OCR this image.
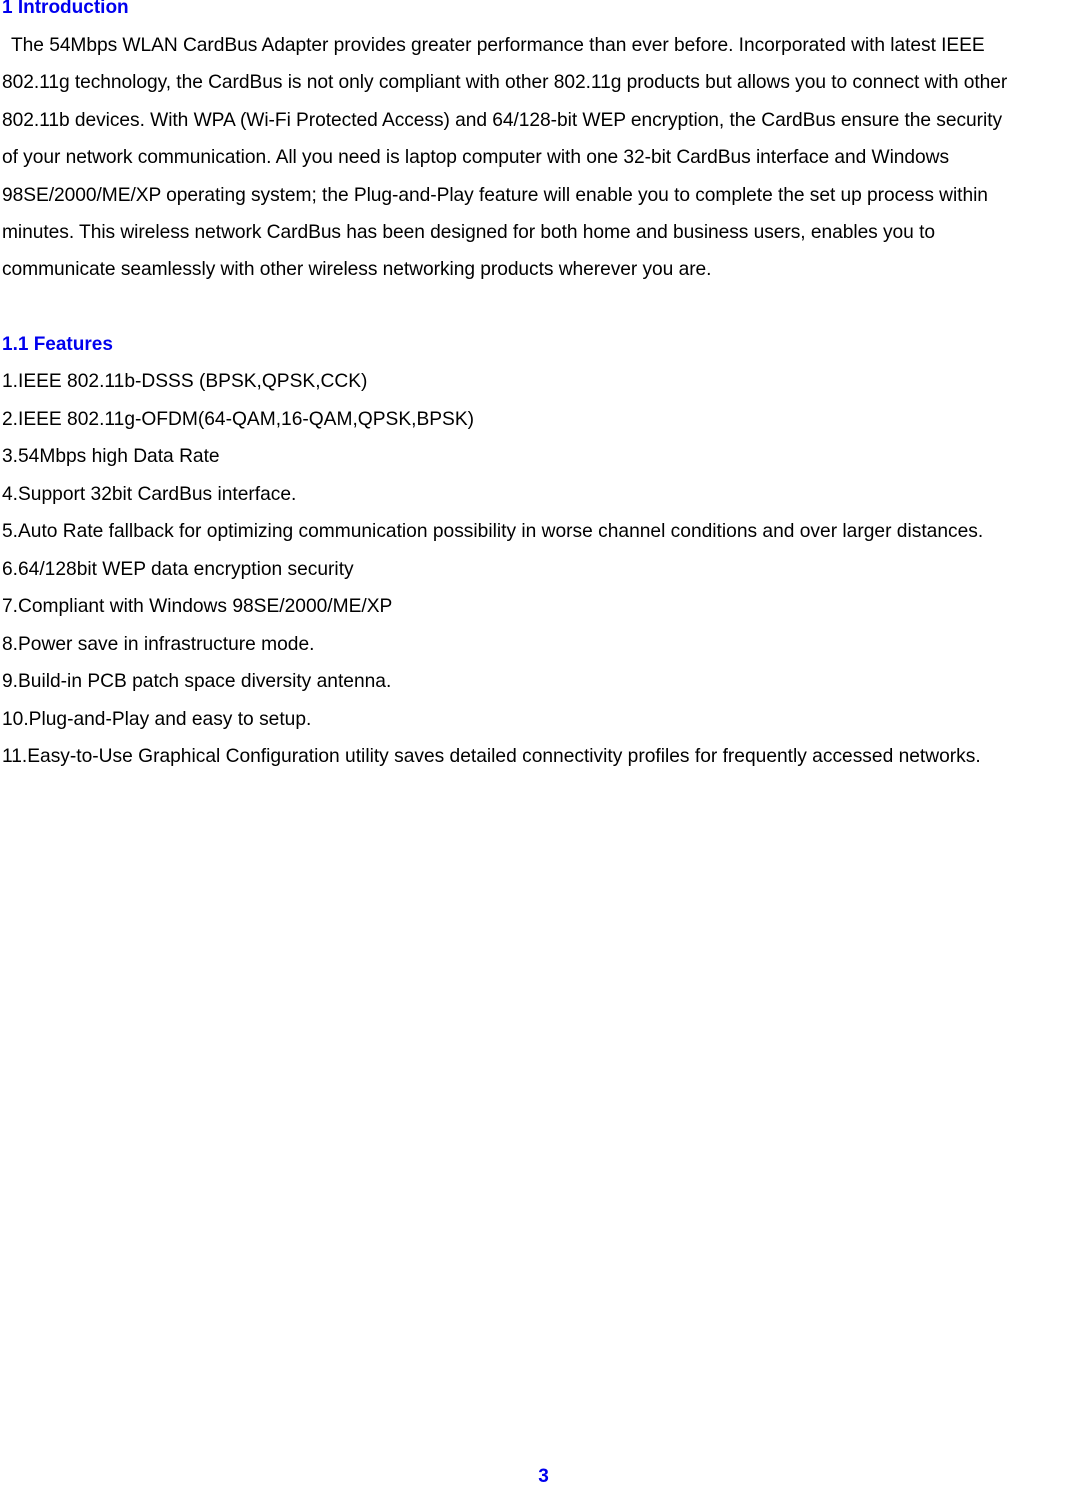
1 Introduction
The 54Mbps WLAN CardBus Adapter provides greater performance than ever before. Incorporated with latest IEEE
802.11g technology, the CardBus is not only compliant with other 802.11g products but allows you to connect with other
802.11b devices. With WPA (Wi-Fi Protected Access) and 64/128-bit WEP encryption, the CardBus ensure the security
of your network communication. All you need is laptop computer with one 32-bit CardBus interface and Windows
98SE/2000/ME/XP operating system; the Plug-and-Play feature will enable you to complete the set up process within
minutes. This wireless network CardBus has been designed for both home and business users, enables you to
communicate seamlessly with other wireless networking products wherever you are.
1.1 Features
1.IEEE 802.11b-DSSS (BPSK,QPSK,CCK)
2.IEEE 802.11g-OFDM(64-QAM,16-QAM,QPSK,BPSK)
3.54Mbps high Data Rate
4.Support 32bit CardBus interface.
5.Auto Rate fallback for optimizing communication possibility in worse channel conditions and over larger distances.
6.64/128bit WEP data encryption security
7.Compliant with Windows 98SE/2000/ME/XP
8.Power save in infrastructure mode.
9.Build-in PCB patch space diversity antenna.
10.Plug-and-Play and easy to setup.
11.Easy-to-Use Graphical Configuration utility saves detailed connectivity profiles for frequently accessed networks.
3
